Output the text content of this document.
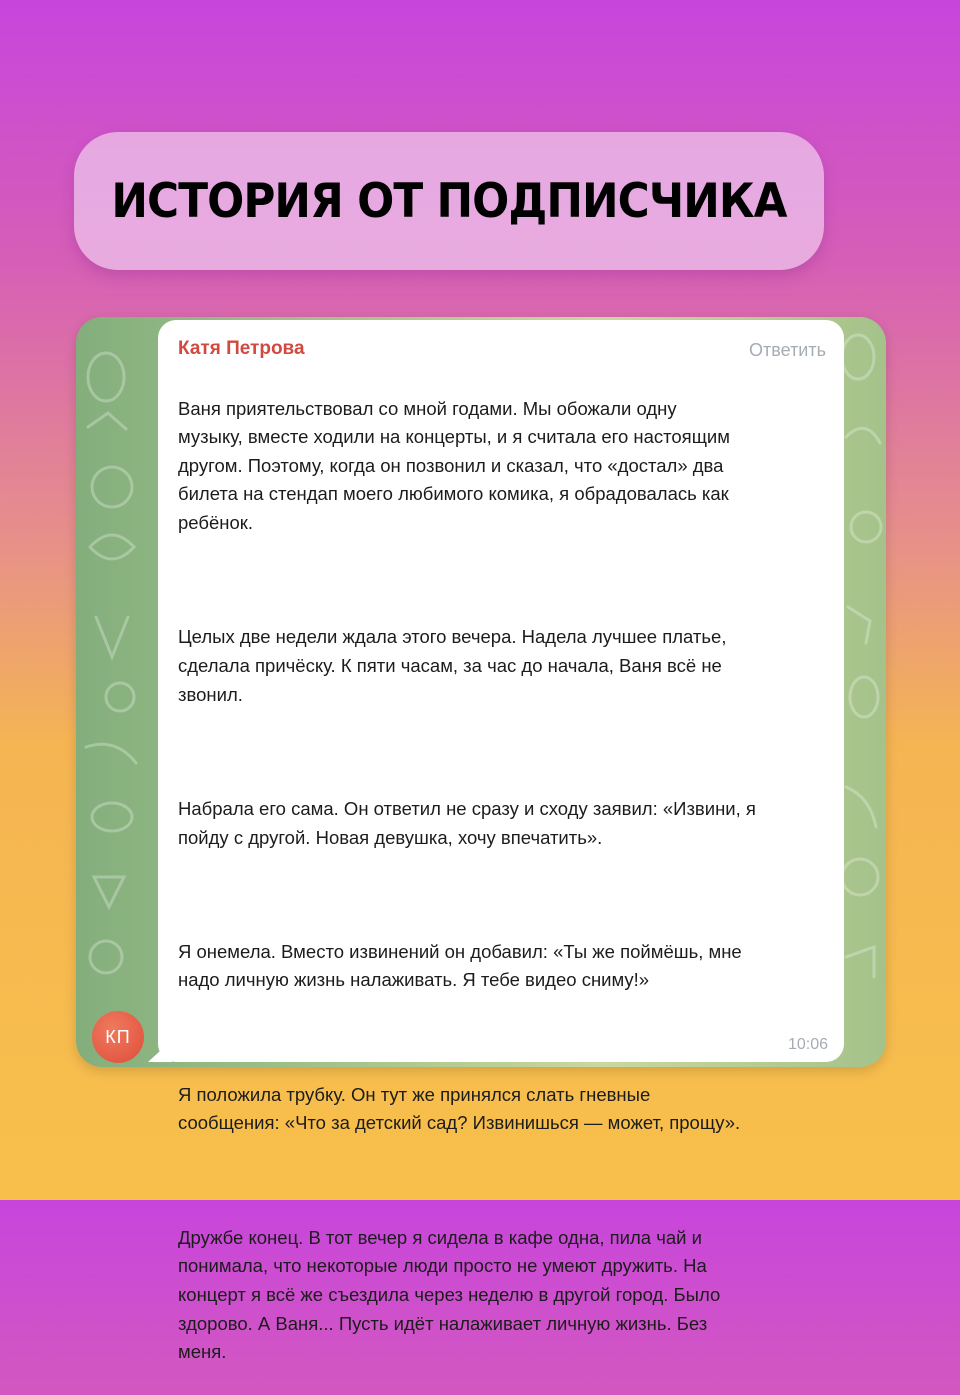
ИСТОРИЯ ОТ ПОДПИСЧИКА
Катя Петрова	Ответить

Ваня приятельствовал со мной годами. Мы обожали одну
музыку, вместе ходили на концерты, и я считала его настоящим
другом. Поэтому, когда он позвонил и сказал, что «достал» два
билета на стендап моего любимого комика, я обрадовалась как
ребёнок.

Целых две недели ждала этого вечера. Надела лучшее платье,
сделала причёску. К пяти часам, за час до начала, Ваня всё не
звонил.

Набрала его сама. Он ответил не сразу и сходу заявил: «Извини, я
пойду с другой. Новая девушка, хочу впечатить».

Я онемела. Вместо извинений он добавил: «Ты же поймёшь, мне
надо личную жизнь налаживать. Я тебе видео сниму!»

Я положила трубку. Он тут же принялся слать гневные
сообщения: «Что за детский сад? Извинишься — может, прощу».

Дружбе конец. В тот вечер я сидела в кафе одна, пила чай и
понимала, что некоторые люди просто не умеют дружить. На
концерт я всё же съездила через неделю в другой город. Было
здорово. А Ваня... Пусть идёт налаживает личную жизнь. Без
меня.

10:06
КП
